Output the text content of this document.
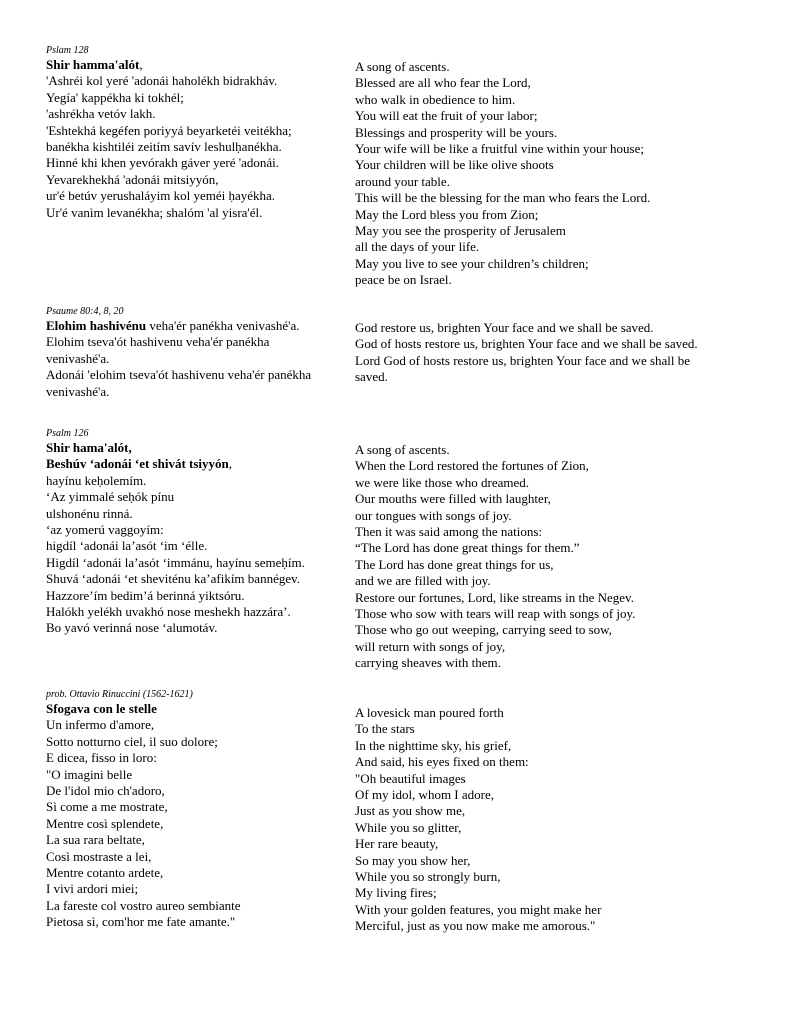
Pslam 128
Shir hamma'alót,
'Ashréi kol yeré 'adonái haholékh bidrakháv.
Yegía' kappékha ki tokhél;
'ashrékha vetóv lakh.
'Eshtekhá kegéfen poriyyá beyarketéi veitékha;
banékha kishtiléi zeitím savív leshulḥanékha.
Hinné khi khen yevórakh gáver yeré 'adonái.
Yevarekhekhá 'adonái mitsiyyón,
ur'é betúv yerushaláyim kol yeméi ḥayékha.
Ur'é vanìm levanékha; shalóm 'al yisra'él.
A song of ascents.
Blessed are all who fear the Lord,
who walk in obedience to him.
You will eat the fruit of your labor;
Blessings and prosperity will be yours.
Your wife will be like a fruitful vine within your house;
Your children will be like olive shoots
around your table.
This will be the blessing for the man who fears the Lord.
May the Lord bless you from Zion;
May you see the prosperity of Jerusalem
all the days of your life.
May you live to see your children’s children;
peace be on Israel.
Psaume 80:4, 8, 20
Elohim hashivénu veha'ér panékha venivashé'a.
Elohim tseva'ót hashivenu veha'ér panékha
venivashé'a.
Adonái 'elohim tseva'ót hashivenu veha'ér panékha
venivashé'a.
God restore us, brighten Your face and we shall be saved.
God of hosts restore us, brighten Your face and we shall be saved.
Lord God of hosts restore us, brighten Your face and we shall be
saved.
Psalm 126
Shir hama'alót,
Beshúv ‘adonái ‘et shivát tsiyyón,
hayínu keḥolemím.
‘Az yimmalé seḥók pínu
ulshonénu rinná.
‘az yomerú vaggoyím:
higdíl ‘adonái la’asót ‘im ‘élle.
Higdíl ‘adonái la’asót ‘immánu, hayínu semeḥím.
Shuvá ‘adonái ‘et sheviténu ka’afikím bannégev.
Hazzore’ím bedim’á berinná yiktsóru.
Halókh yelékh uvakhó nose meshekh hazzára’.
Bo yavó verinná nose ‘alumotáv.
A song of ascents.
When the Lord restored the fortunes of Zion,
we were like those who dreamed.
Our mouths were filled with laughter,
our tongues with songs of joy.
Then it was said among the nations:
“The Lord has done great things for them.”
The Lord has done great things for us,
and we are filled with joy.
Restore our fortunes, Lord, like streams in the Negev.
Those who sow with tears will reap with songs of joy.
Those who go out weeping, carrying seed to sow,
will return with songs of joy,
carrying sheaves with them.
prob. Ottavio Rinuccini (1562-1621)
Sfogava con le stelle
Un infermo d'amore,
Sotto notturno ciel, il suo dolore;
E dicea, fisso in loro:
"O imagini belle
De l'idol mio ch'adoro,
Sì come a me mostrate,
Mentre così splendete,
La sua rara beltate,
Così mostraste a lei,
Mentre cotanto ardete,
I vivi ardori miei;
La fareste col vostro aureo sembiante
Pietosa sì, com'hor me fate amante."
A lovesick man poured forth
To the stars
In the nighttime sky, his grief,
And said, his eyes fixed on them:
"Oh beautiful images
Of my idol, whom I adore,
Just as you show me,
While you so glitter,
Her rare beauty,
So may you show her,
While you so strongly burn,
My living fires;
With your golden features, you might make her
Merciful, just as you now make me amorous."
